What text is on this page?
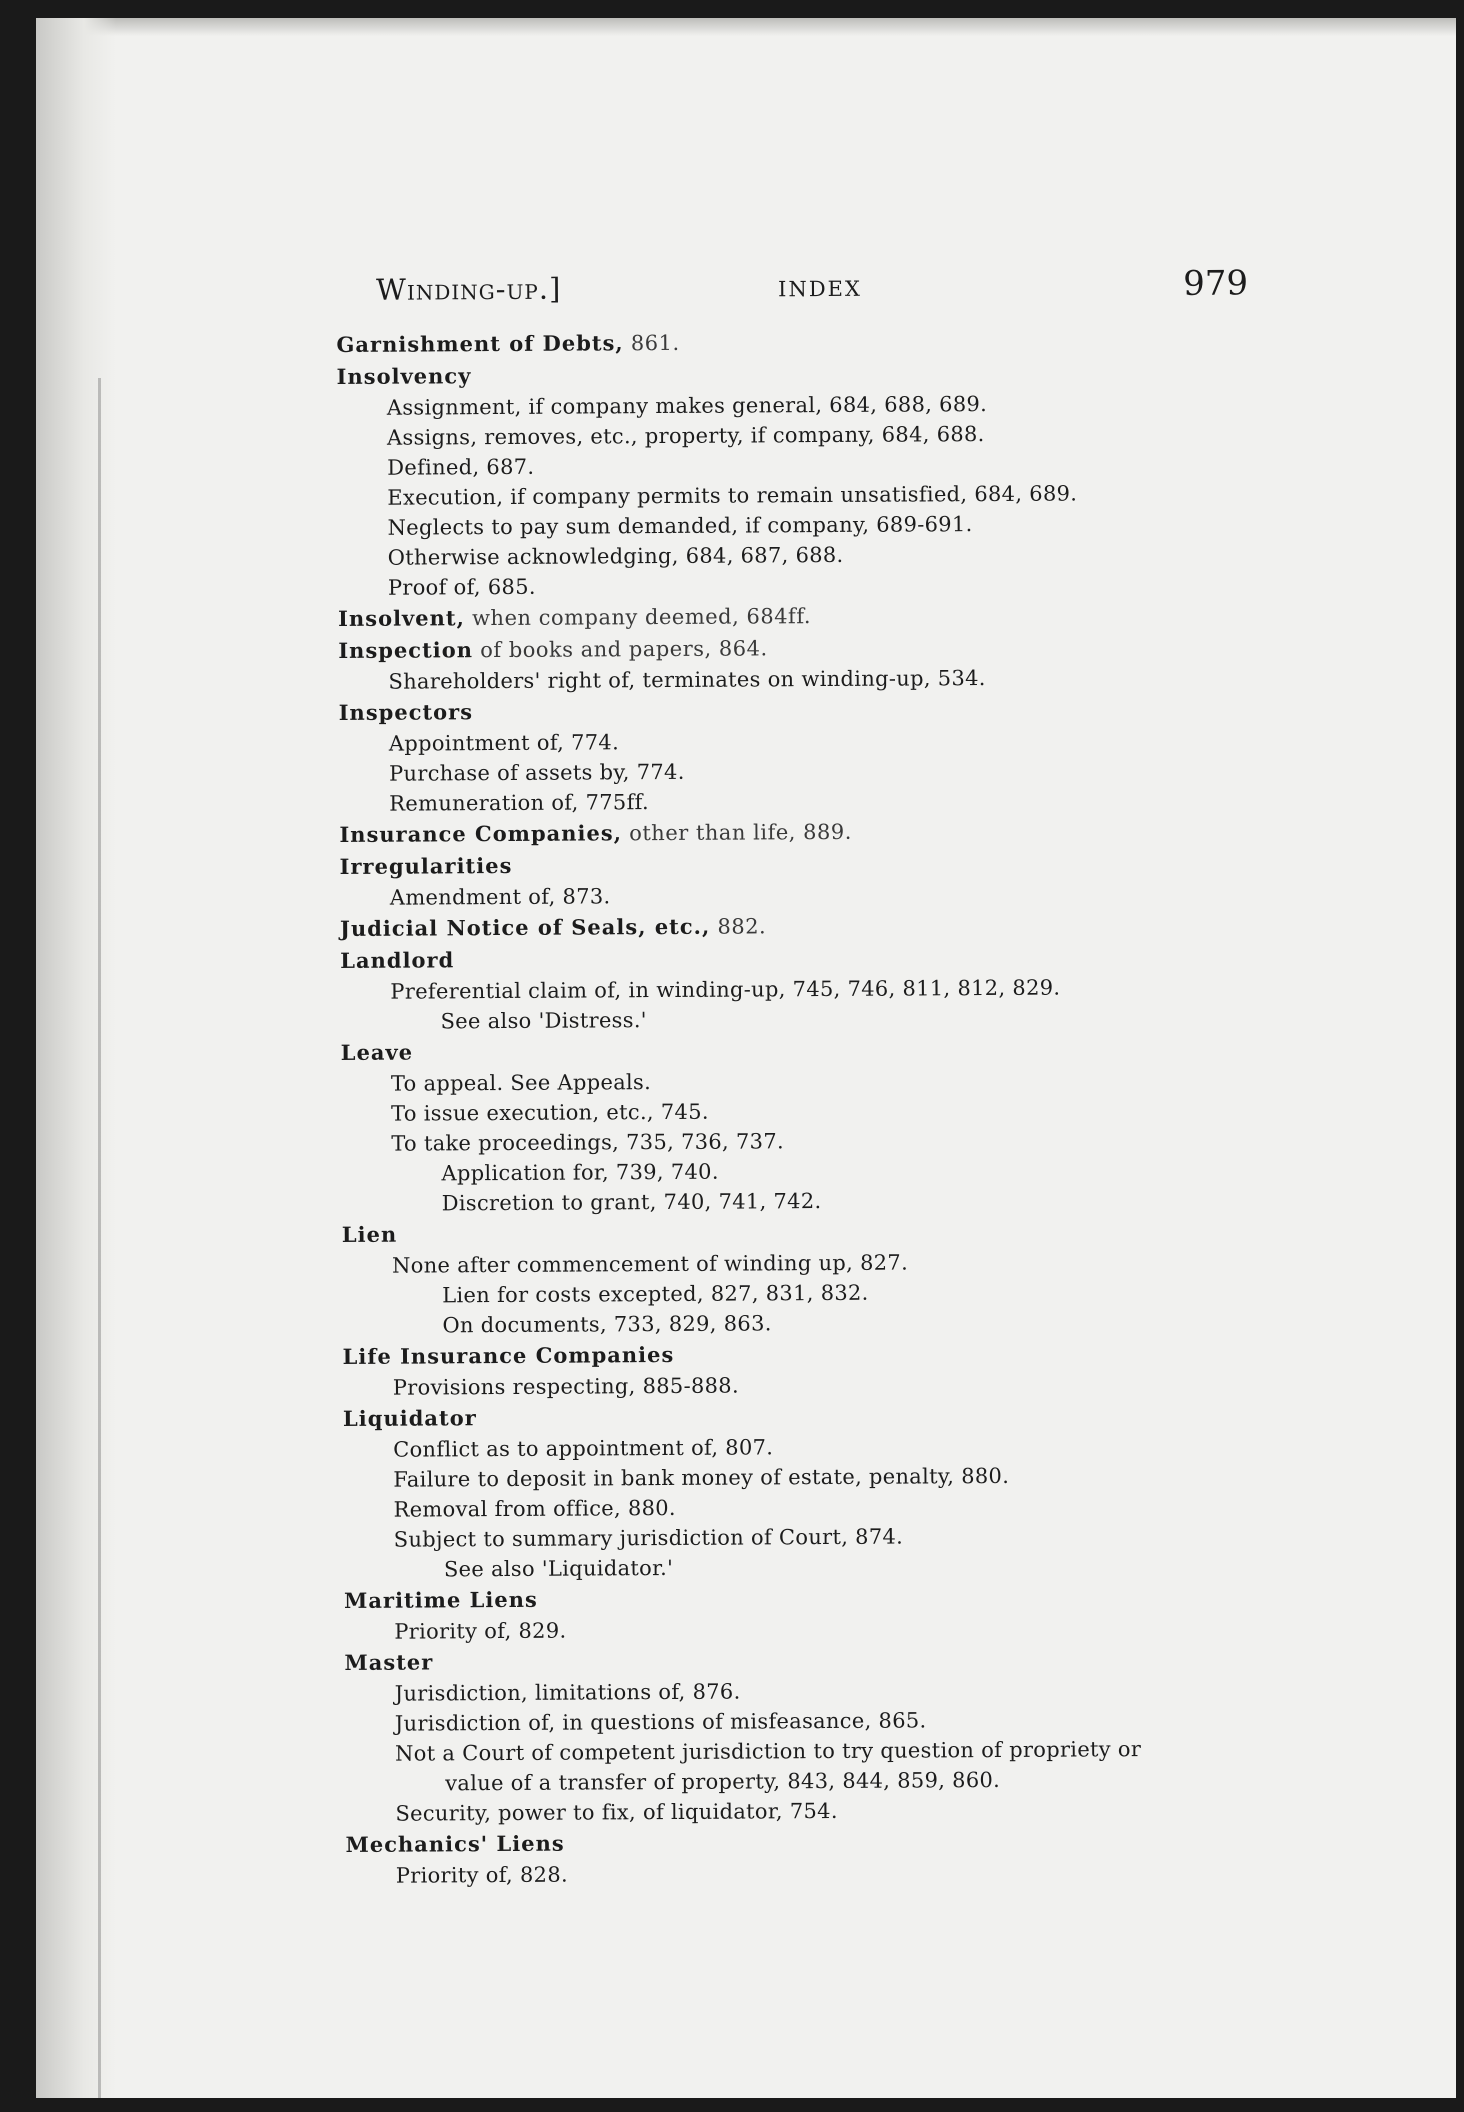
Winding-up.]	INDEX	979
Garnishment of Debts, 861.
Insolvency
Assignment, if company makes general, 684, 688, 689.
Assigns, removes, etc., property, if company, 684, 688.
Defined, 687.
Execution, if company permits to remain unsatisfied, 684, 689.
Neglects to pay sum demanded, if company, 689-691.
Otherwise acknowledging, 684, 687, 688.
Proof of, 685.
Insolvent, when company deemed, 684ff.
Inspection of books and papers, 864.
Shareholders' right of, terminates on winding-up, 534.
Inspectors
Appointment of, 774.
Purchase of assets by, 774.
Remuneration of, 775ff.
Insurance Companies, other than life, 889.
Irregularities
Amendment of, 873.
Judicial Notice of Seals, etc., 882.
Landlord
Preferential claim of, in winding-up, 745, 746, 811, 812, 829.
See also 'Distress.'
Leave
To appeal. See Appeals.
To issue execution, etc., 745.
To take proceedings, 735, 736, 737.
Application for, 739, 740.
Discretion to grant, 740, 741, 742.
Lien
None after commencement of winding up, 827.
Lien for costs excepted, 827, 831, 832.
On documents, 733, 829, 863.
Life Insurance Companies
Provisions respecting, 885-888.
Liquidator
Conflict as to appointment of, 807.
Failure to deposit in bank money of estate, penalty, 880.
Removal from office, 880.
Subject to summary jurisdiction of Court, 874.
See also 'Liquidator.'
Maritime Liens
Priority of, 829.
Master
Jurisdiction, limitations of, 876.
Jurisdiction of, in questions of misfeasance, 865.
Not a Court of competent jurisdiction to try question of propriety or
value of a transfer of property, 843, 844, 859, 860.
Security, power to fix, of liquidator, 754.
Mechanics' Liens
Priority of, 828.
